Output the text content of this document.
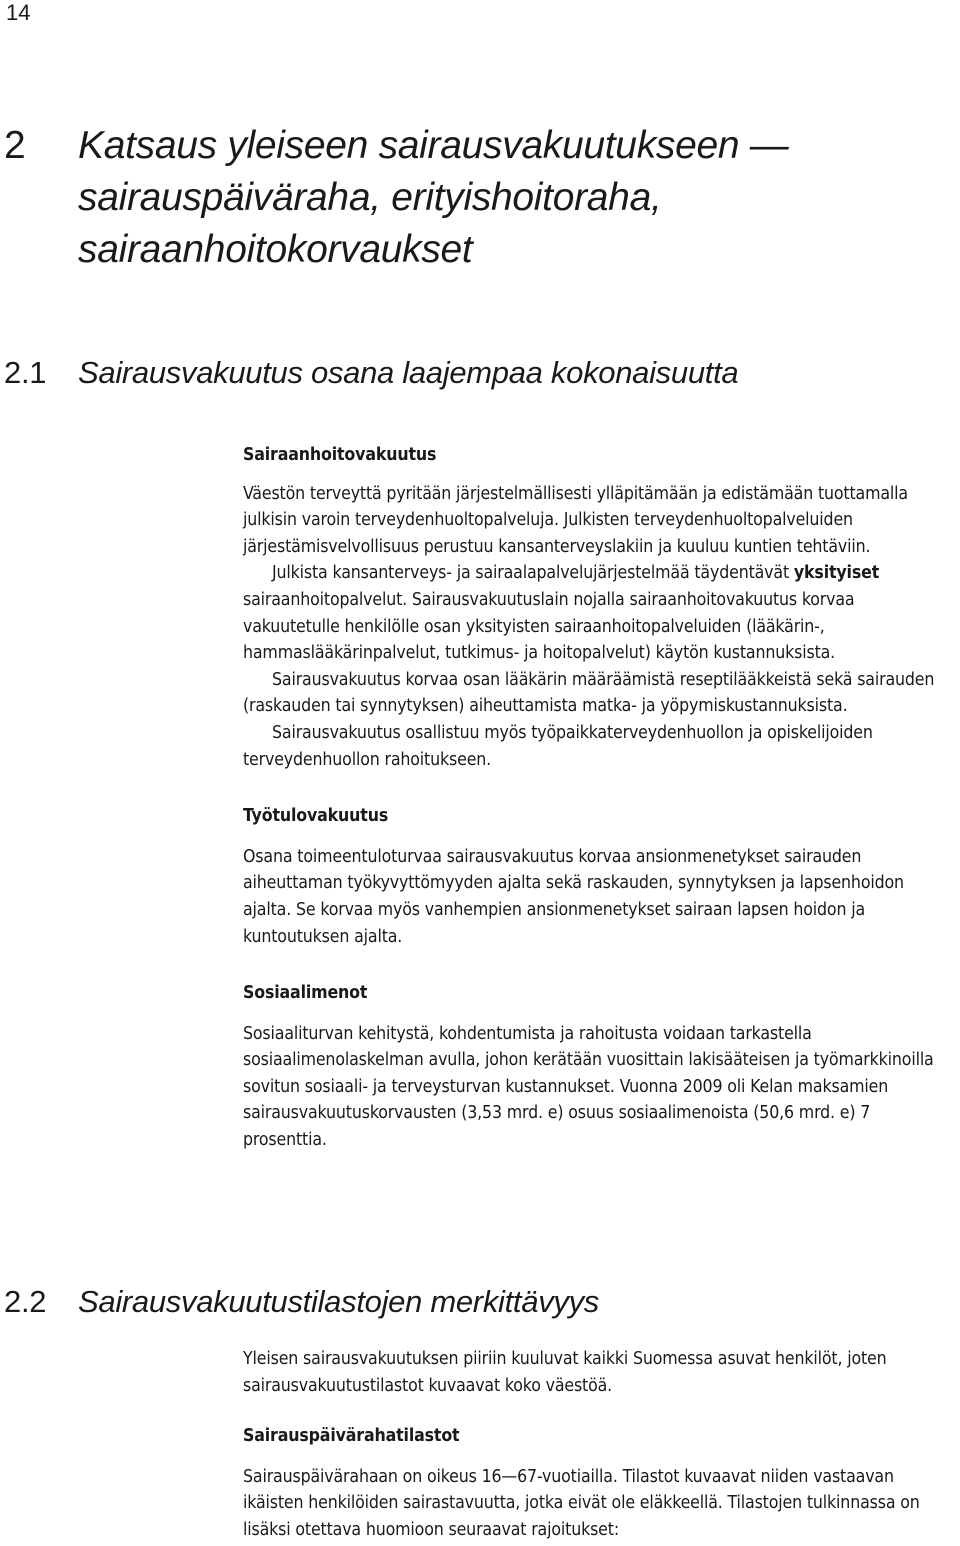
14
2 Katsaus yleiseen sairausvakuutukseen —
sairauspäiväraha, erityishoitoraha,
sairaanhoitokorvaukset
2.1 Sairausvakuutus osana laajempaa kokonaisuutta
Sairaanhoitovakuutus

Väestön terveyttä pyritään järjestelmällisesti ylläpitämään ja edistämään tuottamalla julkisin varoin terveydenhuoltopalveluja. Julkisten terveydenhuoltopalveluiden järjestämisvelvollisuus perustuu kansanterveyslakiin ja kuuluu kuntien tehtäviin.

Julkista kansanterveys- ja sairaalapalvelujärjestelmää täydentävät yksityiset sairaanhoitopalvelut. Sairausvakuutuslain nojalla sairaanhoitovakuutus korvaa vakuutetulle henkilölle osan yksityisten sairaanhoitopalveluiden (lääkärin-, hammaslääkärinpalvelut, tutkimus- ja hoitopalvelut) käytön kustannuksista.

Sairausvakuutus korvaa osan lääkärin määräämistä reseptilääkkeistä sekä sairauden (raskauden tai synnytyksen) aiheuttamista matka- ja yöpymiskustannuksista.

Sairausvakuutus osallistuu myös työpaikkaterveydenhuollon ja opiskelijoiden terveydenhuollon rahoitukseen.

Työtulovakuutus

Osana toimeentuloturvaa sairausvakuutus korvaa ansionmenetykset sairauden aiheuttaman työkyvyttömyyden ajalta sekä raskauden, synnytyksen ja lapsenhoidon ajalta. Se korvaa myös vanhempien ansionmenetykset sairaan lapsen hoidon ja kuntoutuksen ajalta.

Sosiaalimenot

Sosiaaliturvan kehitystä, kohdentumista ja rahoitusta voidaan tarkastella sosiaalimenolaskelman avulla, johon kerätään vuosittain lakisääteisen ja työmarkkinoilla sovitun sosiaali- ja terveysturvan kustannukset. Vuonna 2009 oli Kelan maksamien sairausvakuutuskorvausten (3,53 mrd. e) osuus sosiaalimenoista (50,6 mrd. e) 7 prosenttia.

2.2 Sairausvakuutustilastojen merkittävyys

Yleisen sairausvakuutuksen piiriin kuuluvat kaikki Suomessa asuvat henkilöt, joten sairausvakuutustilastot kuvaavat koko väestöä.

Sairauspäivärahatilastot

Sairauspäivärahaan on oikeus 16—67-vuotiailla. Tilastot kuvaavat niiden vastaavan ikäisten henkilöiden sairastavuutta, jotka eivät ole eläkkeellä. Tilastojen tulkinnassa on lisäksi otettava huomioon seuraavat rajoitukset:
